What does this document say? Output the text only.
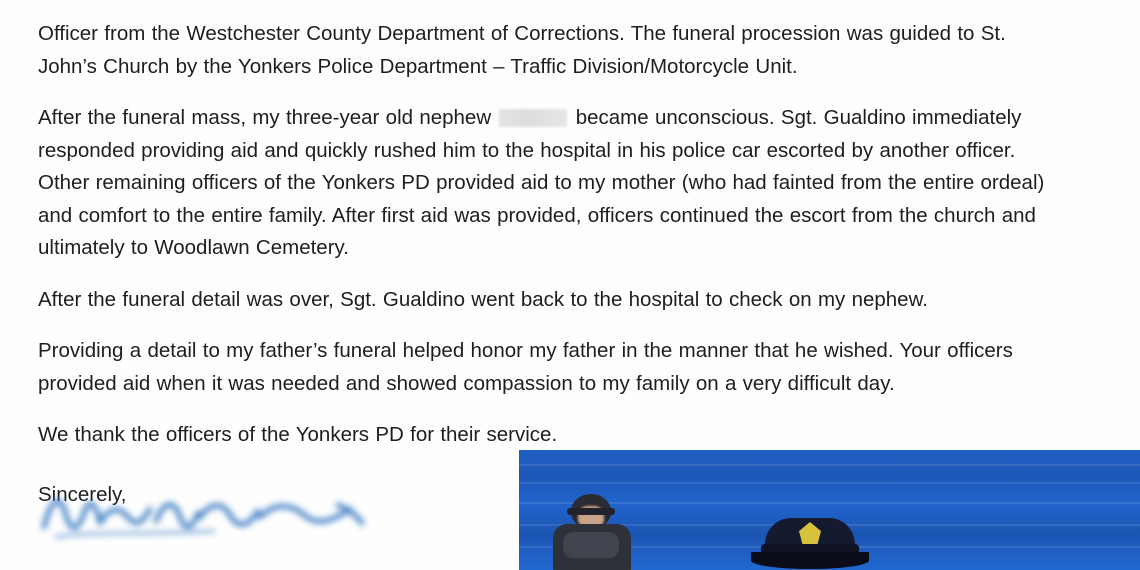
Officer from the Westchester County Department of Corrections. The funeral procession was guided to St. John’s Church by the Yonkers Police Department – Traffic Division/Motorcycle Unit.

After the funeral mass, my three-year old nephew	became unconscious. Sgt. Gualdino immediately responded providing aid and quickly rushed him to the hospital in his police car escorted by another officer. Other remaining officers of the Yonkers PD provided aid to my mother (who had fainted from the entire ordeal) and comfort to the entire family. After first aid was provided, officers continued the escort from the church and ultimately to Woodlawn Cemetery.

After the funeral detail was over, Sgt. Gualdino went back to the hospital to check on my nephew.

Providing a detail to my father’s funeral helped honor my father in the manner that he wished. Your officers provided aid when it was needed and showed compassion to my family on a very difficult day.

We thank the officers of the Yonkers PD for their service.

Sincerely,
